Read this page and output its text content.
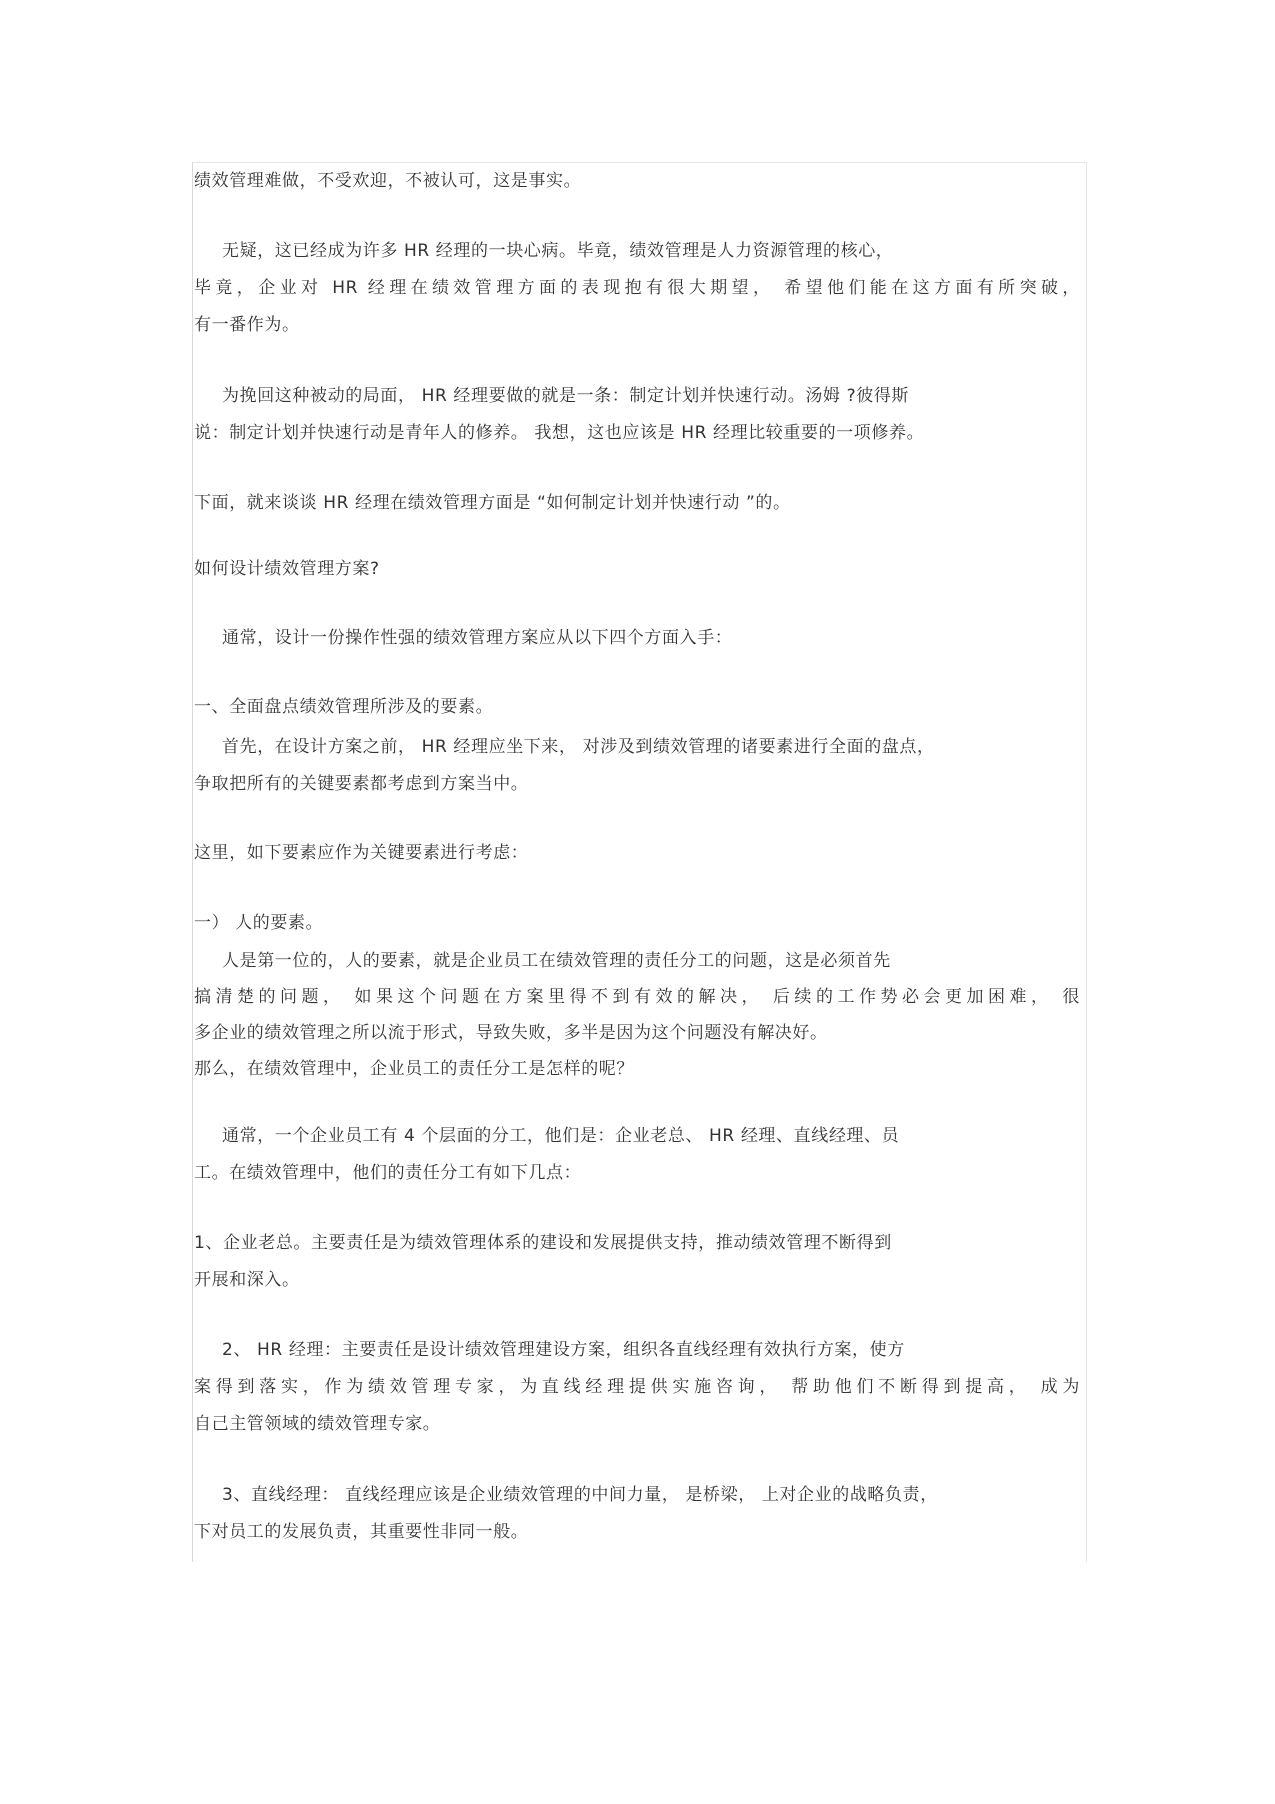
绩效管理难做，不受欢迎，不被认可，这是事实。
无疑，这已经成为许多 HR 经理的一块心病。毕竟，绩效管理是人力资源管理的核心，
毕竟，企业对 HR 经理在绩效管理方面的表现抱有很大期望， 希望他们能在这方面有所突破，
有一番作为。
为挽回这种被动的局面， HR 经理要做的就是一条：制定计划并快速行动。汤姆 ?彼得斯
说：制定计划并快速行动是青年人的修养。 我想，这也应该是 HR 经理比较重要的一项修养。
下面，就来谈谈 HR 经理在绩效管理方面是 “如何制定计划并快速行动 ”的。
如何设计绩效管理方案?
通常，设计一份操作性强的绩效管理方案应从以下四个方面入手：
一、全面盘点绩效管理所涉及的要素。
首先，在设计方案之前， HR 经理应坐下来， 对涉及到绩效管理的诸要素进行全面的盘点，
争取把所有的关键要素都考虑到方案当中。
这里，如下要素应作为关键要素进行考虑：
一） 人的要素。
人是第一位的，人的要素，就是企业员工在绩效管理的责任分工的问题，这是必须首先
搞清楚的问题， 如果这个问题在方案里得不到有效的解决， 后续的工作势必会更加困难， 很
多企业的绩效管理之所以流于形式，导致失败，多半是因为这个问题没有解决好。
那么，在绩效管理中，企业员工的责任分工是怎样的呢？
通常，一个企业员工有 4 个层面的分工，他们是：企业老总、 HR 经理、直线经理、员
工。在绩效管理中，他们的责任分工有如下几点：
1、企业老总。主要责任是为绩效管理体系的建设和发展提供支持，推动绩效管理不断得到
开展和深入。
2、 HR 经理：主要责任是设计绩效管理建设方案，组织各直线经理有效执行方案，使方
案得到落实，作为绩效管理专家，为直线经理提供实施咨询， 帮助他们不断得到提高， 成为
自己主管领域的绩效管理专家。
3、直线经理： 直线经理应该是企业绩效管理的中间力量， 是桥梁， 上对企业的战略负责，
下对员工的发展负责，其重要性非同一般。
